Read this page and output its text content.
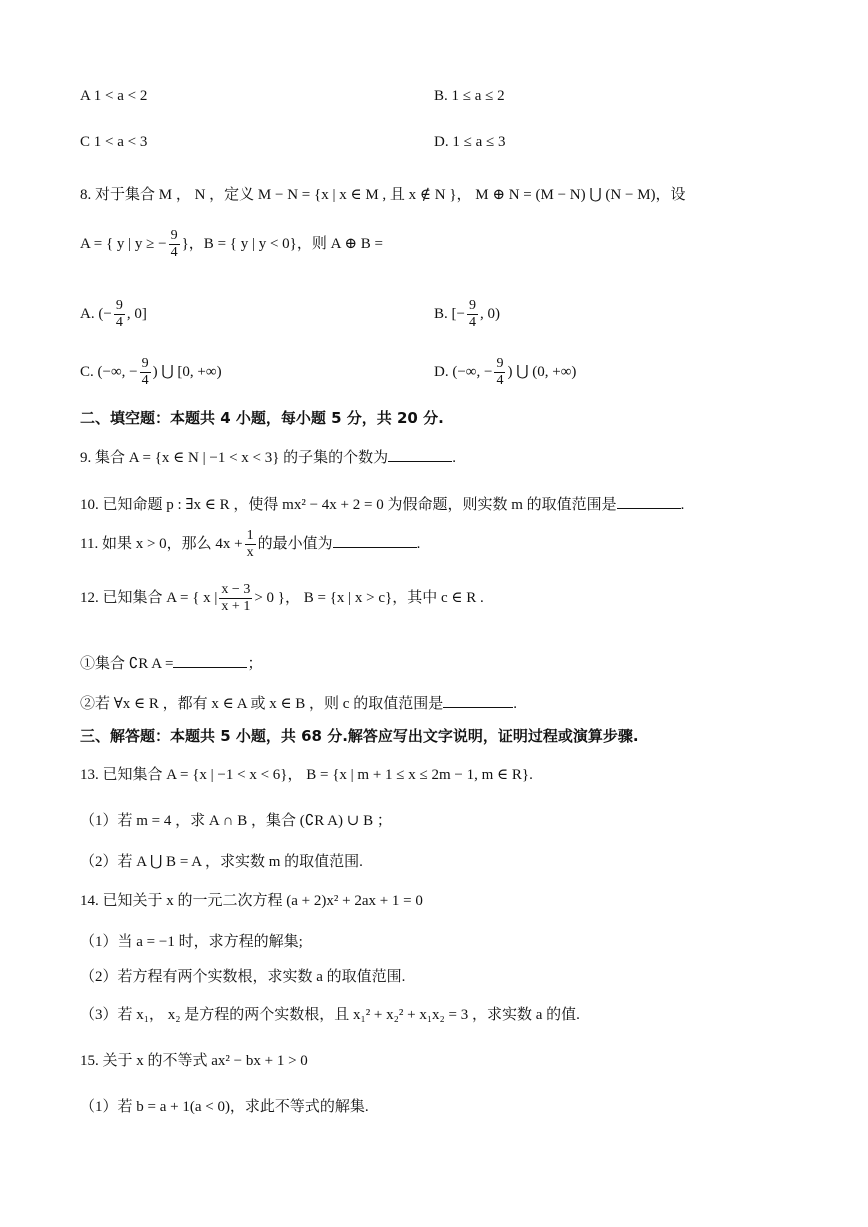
A 1 < a < 2	B. 1 ≤ a ≤ 2
C 1 < a < 3	D. 1 ≤ a ≤ 3
8. 对于集合 M ， N ，定义 M − N = {x | x ∈ M , 且 x ∉ N }， M ⊕ N = (M − N) ⋃ (N − M)，设
A = { y | y ≥ − $\frac{9}{4}$ }，B = { y | y < 0}，则 A ⊕ B =
A. (− $\frac{9}{4}$ , 0]	B. [− $\frac{9}{4}$ , 0)
C. (−∞, − $\frac{9}{4}$ ) ⋃ [0, +∞)	D. (−∞, − $\frac{9}{4}$ ) ⋃ (0, +∞)
二、填空题：本题共 4 小题，每小题 5 分，共 20 分.
9. 集合 A = {x ∈ N | −1 < x < 3} 的子集的个数为	.
10. 已知命题 p : ∃x ∈ R ，使得 mx² − 4x + 2 = 0 为假命题，则实数 m 的取值范围是	.
11. 如果 x > 0，那么 $4x + \frac{1}{x}$ 的最小值为	.
12. 已知集合 A = { x | $\frac{x - 3}{x + 1} > 0$ }， B = {x | x > c}，其中 c ∈ R .
①集合 ∁R A =	；
②若 ∀x ∈ R ，都有 x ∈ A 或 x ∈ B ，则 c 的取值范围是	.
三、解答题：本题共 5 小题，共 68 分.解答应写出文字说明，证明过程或演算步骤.
13. 已知集合 A = {x | −1 < x < 6}， B = {x | m + 1 ≤ x ≤ 2m − 1, m ∈ R}.
（1）若 m = 4 ，求 A ∩ B ，集合 (∁R A) ∪ B ；
（2）若 A ⋃ B = A ，求实数 m 的取值范围.
14. 已知关于 x 的一元二次方程 (a + 2)x² + 2ax + 1 = 0
（1）当 a = −1 时，求方程的解集;
（2）若方程有两个实数根，求实数 a 的取值范围.
（3）若 x₁， x₂ 是方程的两个实数根，且 x₁² + x₂² + x₁x₂ = 3 ，求实数 a 的值.
15. 关于 x 的不等式 ax² − bx + 1 > 0
（1）若 b = a + 1(a < 0)，求此不等式的解集.
